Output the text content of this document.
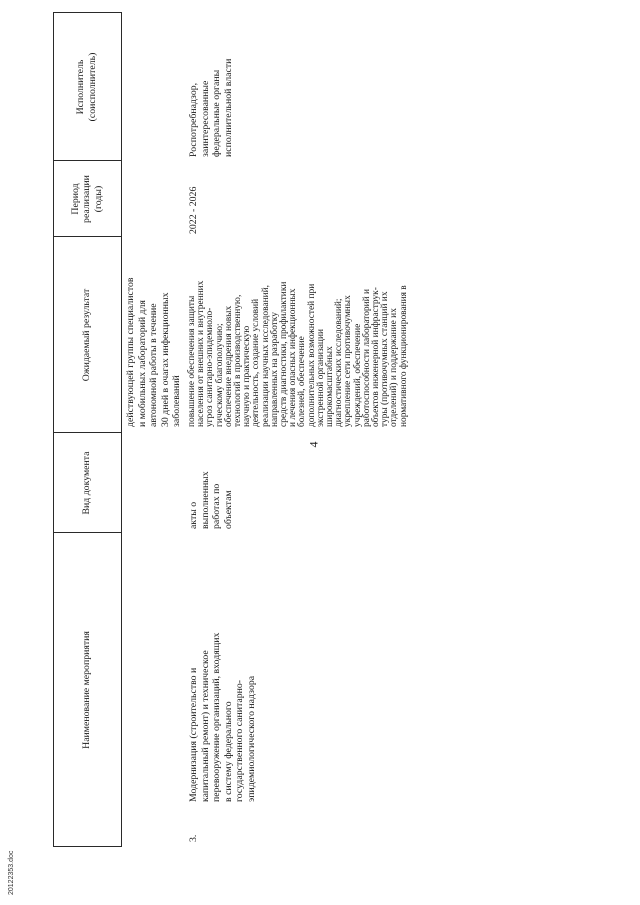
4
Наименование мероприятия
Вид документа
Ожидаемый результат
Период реализации (годы)
Исполнитель (соисполнитель)
действующей группы специалистов и мобильных лабораторий для автономной работы в течение 30 дней в очагах инфекционных заболеваний
3.
Модернизация (строительство и капитальный ремонт) и техническое перевооружение организаций, входящих в систему федерального государственного санитарно- эпидемиологического надзора
акты о выполненных работах по объектам
повышение обеспечения защиты населения от внешних и внутренних угроз санитарно-эпидемиоло- гическому благополучию; обеспечение внедрения новых технологий в производственную, научную и практическую деятельность, создание условий реализации научных исследований, направленных на разработку средств диагностики, профилактики и лечения опасных инфекционных болезней, обеспечение дополнительных возможностей при экстренной организации широкомасштабных диагностических исследований; укрепление сети противочумных учреждений, обеспечение работоспособности лабораторий и объектов инженерной инфраструк- туры (противочумных станций их отделений) и поддержание их нормативного функционирования в
2022 - 2026
Роспотребнадзор, заинтересованные федеральные органы исполнительной власти
20122353.doc
